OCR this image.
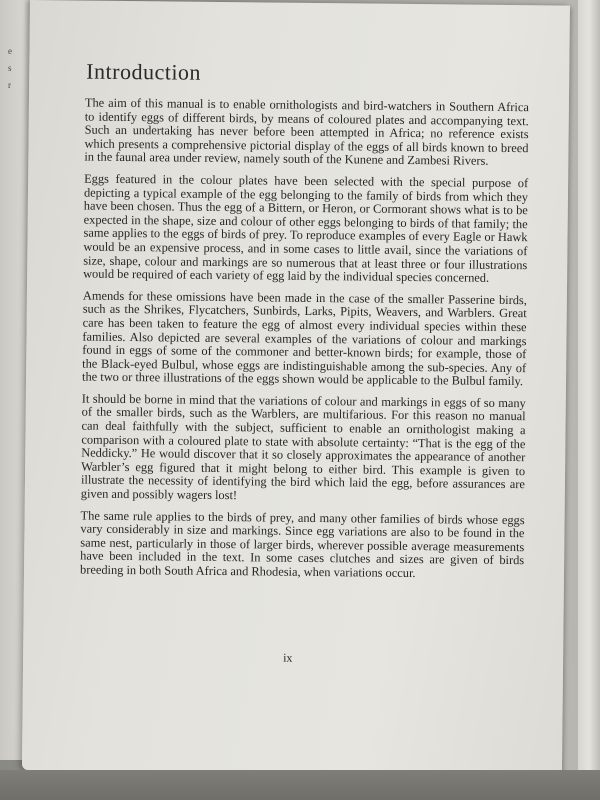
e
s
r
Introduction

The aim of this manual is to enable ornithologists and bird-watchers in Southern Africa to identify eggs of different birds, by means of coloured plates and accompanying text. Such an undertaking has never before been attempted in Africa; no reference exists which presents a comprehensive pictorial display of the eggs of all birds known to breed in the faunal area under review, namely south of the Kunene and Zambesi Rivers.

Eggs featured in the colour plates have been selected with the special purpose of depicting a typical example of the egg belonging to the family of birds from which they have been chosen. Thus the egg of a Bittern, or Heron, or Cormorant shows what is to be expected in the shape, size and colour of other eggs belonging to birds of that family; the same applies to the eggs of birds of prey. To reproduce examples of every Eagle or Hawk would be an expensive process, and in some cases to little avail, since the variations of size, shape, colour and markings are so numerous that at least three or four illustrations would be required of each variety of egg laid by the individual species concerned.

Amends for these omissions have been made in the case of the smaller Passerine birds, such as the Shrikes, Flycatchers, Sunbirds, Larks, Pipits, Weavers, and Warblers. Great care has been taken to feature the egg of almost every individual species within these families. Also depicted are several examples of the variations of colour and markings found in eggs of some of the commoner and better-known birds; for example, those of the Black-eyed Bulbul, whose eggs are indistinguishable among the sub-species. Any of the two or three illustrations of the eggs shown would be applicable to the Bulbul family.

It should be borne in mind that the variations of colour and markings in eggs of so many of the smaller birds, such as the Warblers, are multifarious. For this reason no manual can deal faithfully with the subject, sufficient to enable an ornithologist making a comparison with a coloured plate to state with absolute certainty: “That is the egg of the Neddicky.” He would discover that it so closely approximates the appearance of another Warbler’s egg figured that it might belong to either bird. This example is given to illustrate the necessity of identifying the bird which laid the egg, before assurances are given and possibly wagers lost!

The same rule applies to the birds of prey, and many other families of birds whose eggs vary considerably in size and markings. Since egg variations are also to be found in the same nest, particularly in those of larger birds, wherever possible average measurements have been included in the text. In some cases clutches and sizes are given of birds breeding in both South Africa and Rhodesia, when variations occur.

ix
